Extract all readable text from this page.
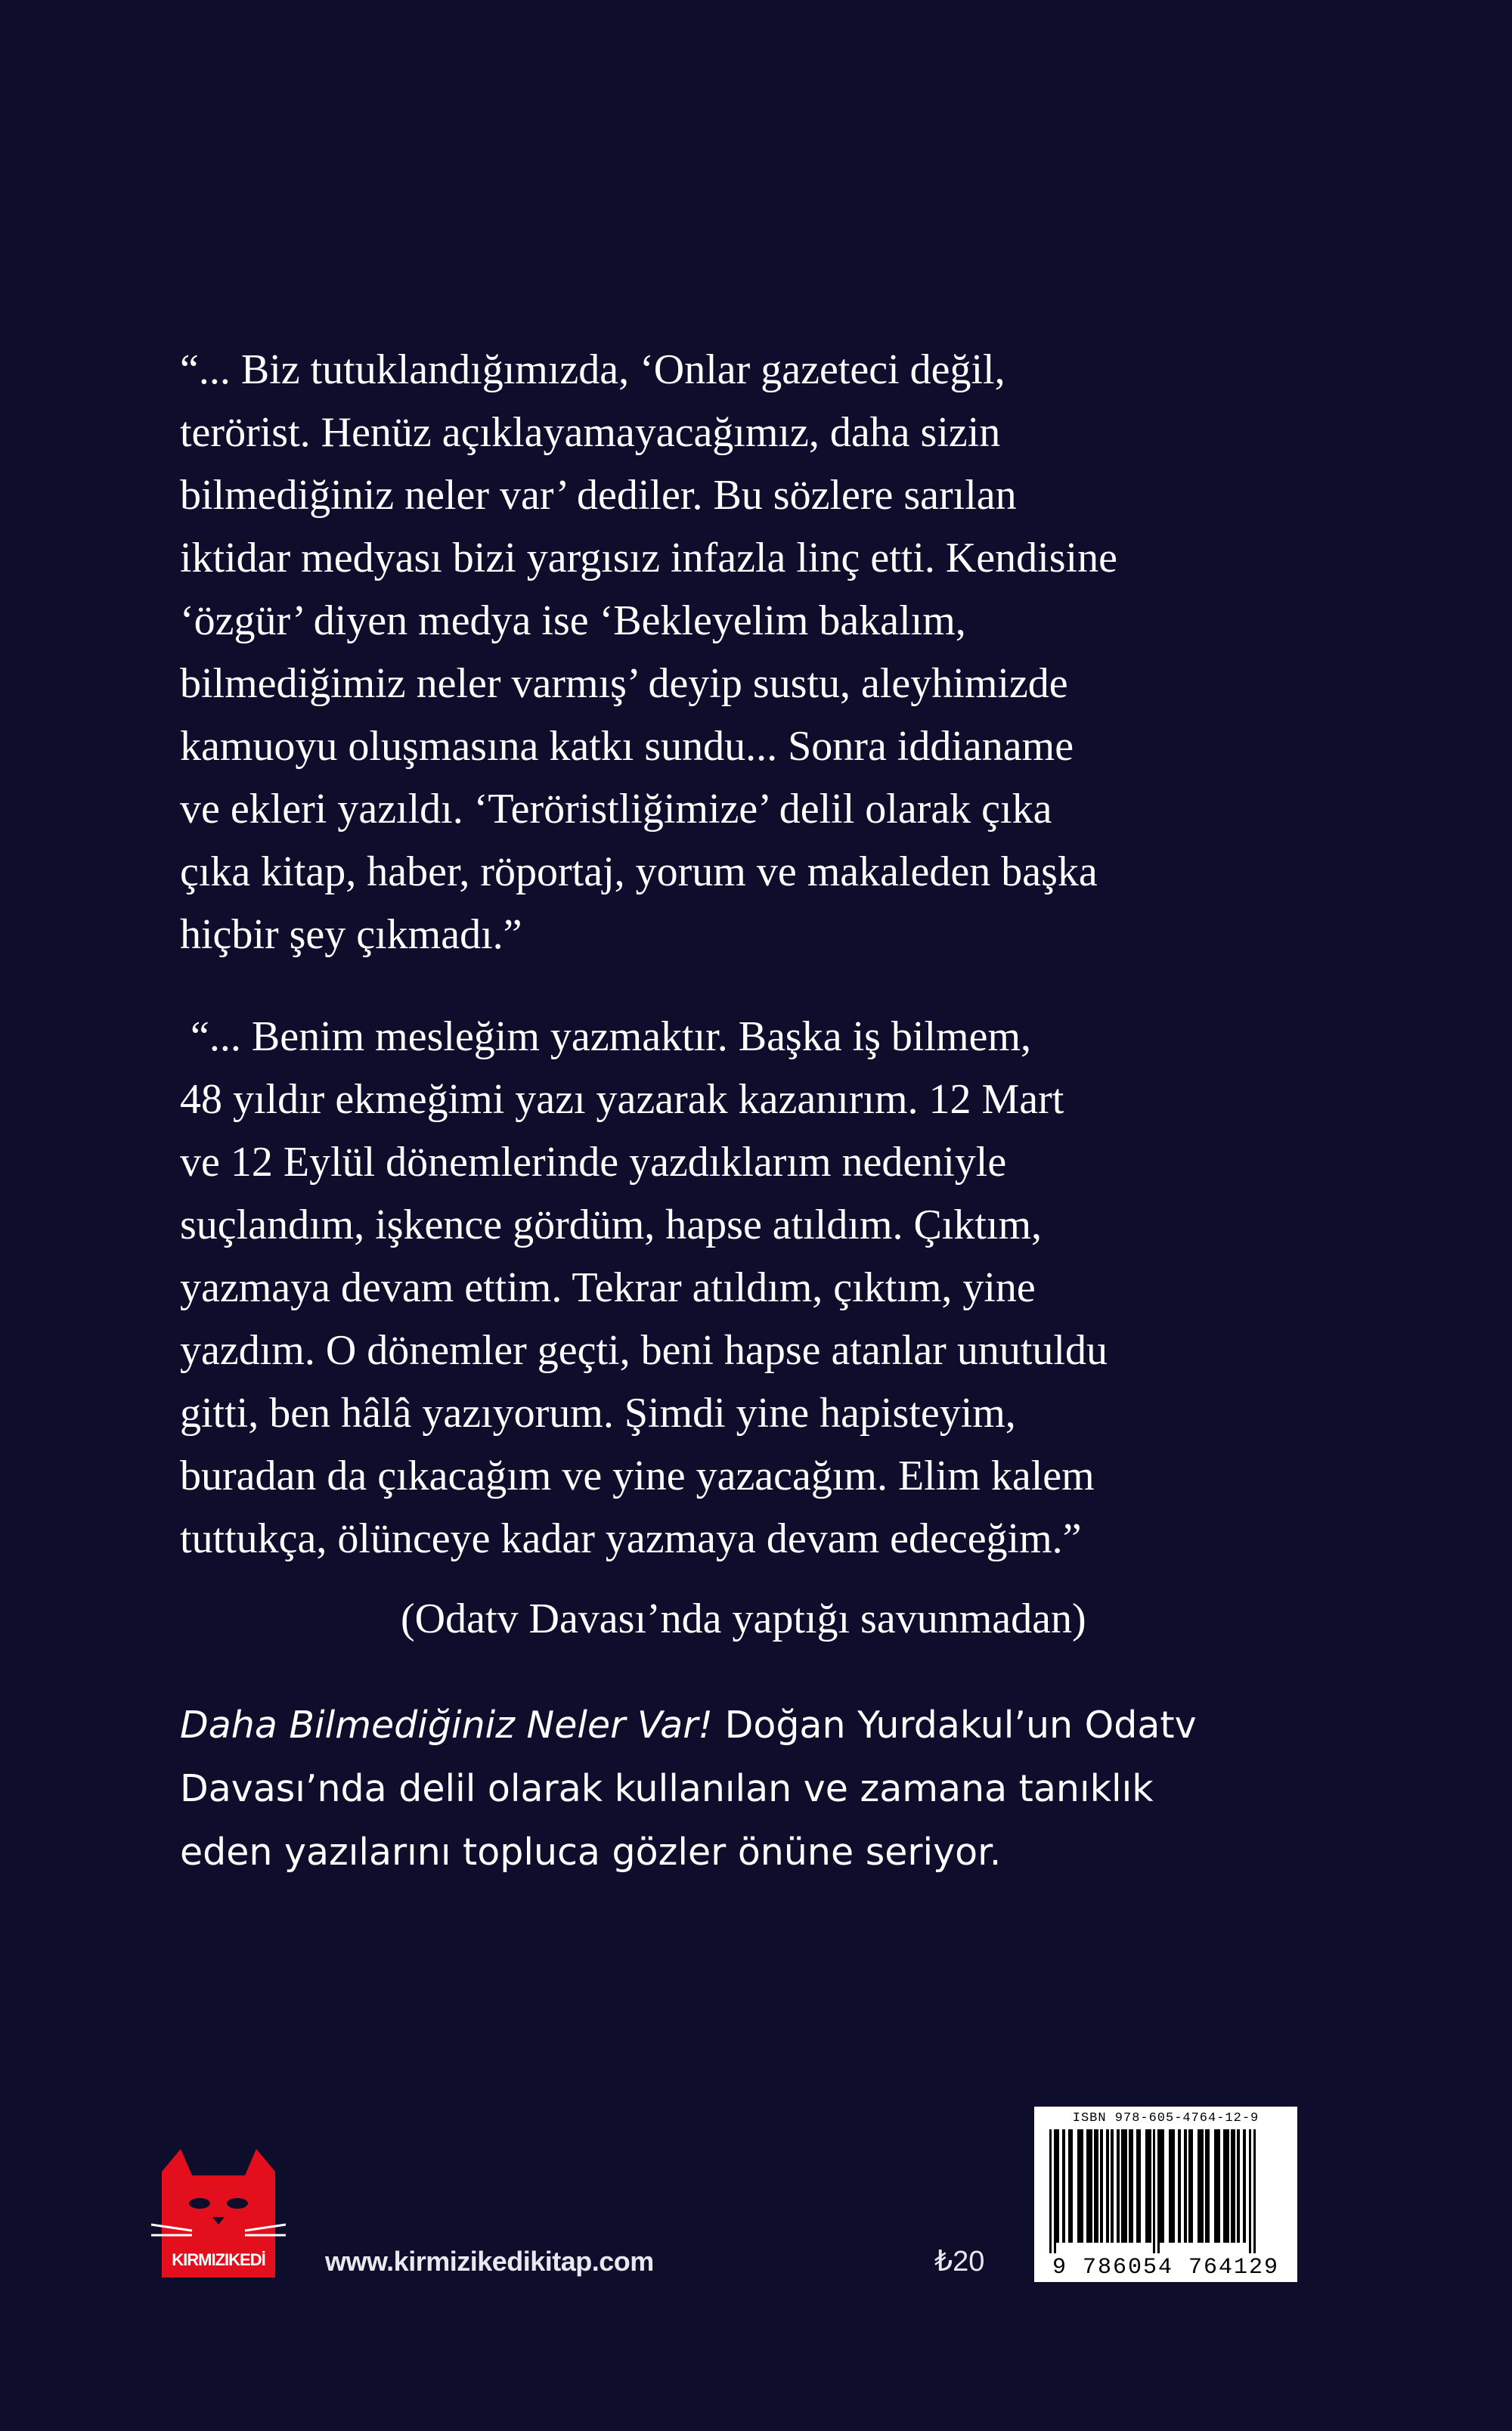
“... Biz tutuklandığımızda, ‘Onlar gazeteci değil,
terörist. Henüz açıklayamayacağımız, daha sizin
bilmediğiniz neler var’ dediler. Bu sözlere sarılan
iktidar medyası bizi yargısız infazla linç etti. Kendisine
‘özgür’ diyen medya ise ‘Bekleyelim bakalım,
bilmediğimiz neler varmış’ deyip sustu, aleyhimizde
kamuoyu oluşmasına katkı sundu... Sonra iddianame
ve ekleri yazıldı. ‘Teröristliğimize’ delil olarak çıka
çıka kitap, haber, röportaj, yorum ve makaleden başka
hiçbir şey çıkmadı.”

“... Benim mesleğim yazmaktır. Başka iş bilmem,
48 yıldır ekmeğimi yazı yazarak kazanırım. 12 Mart
ve 12 Eylül dönemlerinde yazdıklarım nedeniyle
suçlandım, işkence gördüm, hapse atıldım. Çıktım,
yazmaya devam ettim. Tekrar atıldım, çıktım, yine
yazdım. O dönemler geçti, beni hapse atanlar unutuldu
gitti, ben hâlâ yazıyorum. Şimdi yine hapisteyim,
buradan da çıkacağım ve yine yazacağım. Elim kalem
tuttukça, ölünceye kadar yazmaya devam edeceğim.”

(Odatv Davası’nda yaptığı savunmadan)
Daha Bilmediğiniz Neler Var! Doğan Yurdakul’un Odatv
Davası’nda delil olarak kullanılan ve zamana tanıklık
eden yazılarını topluca gözler önüne seriyor.
KIRMIZIKEDİ	www.kirmizikedikitap.com	₺20
ISBN 978-605-4764-12-9
9 786054 764129
